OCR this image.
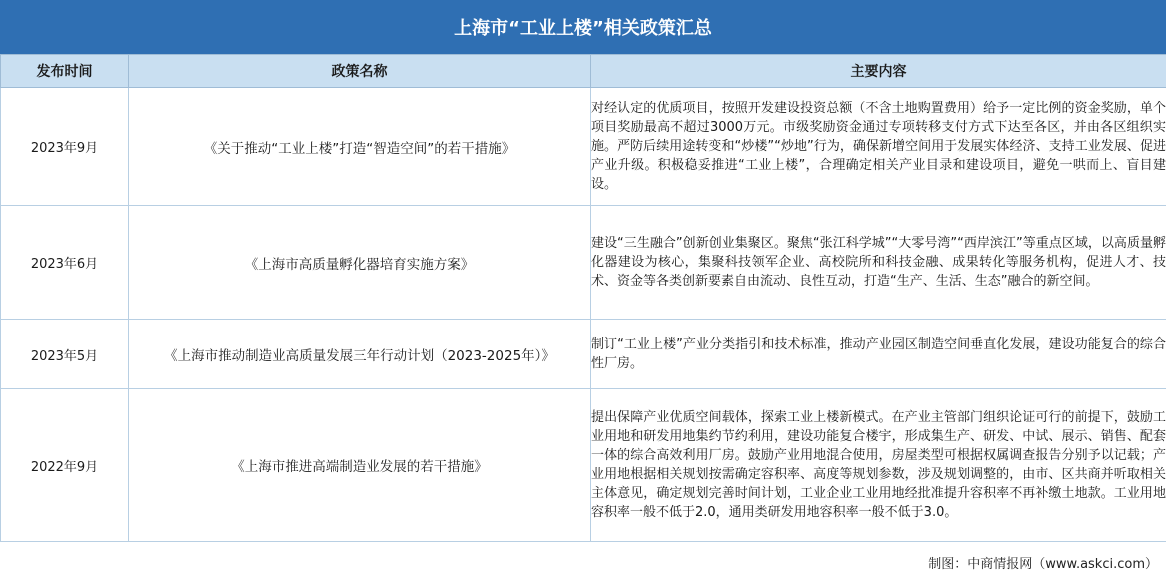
上海市“工业上楼”相关政策汇总
发布时间	政策名称	主要内容
2023年9月	《关于推动“工业上楼”打造“智造空间”的若干措施》	对经认定的优质项目，按照开发建设投资总额（不含土地购置费用）给予一定比例的资金奖励，单个项目奖励最高不超过3000万元。市级奖励资金通过专项转移支付方式下达至各区，并由各区组织实施。严防后续用途转变和“炒楼”“炒地”行为，确保新增空间用于发展实体经济、支持工业发展、促进产业升级。积极稳妥推进“工业上楼”，合理确定相关产业目录和建设项目，避免一哄而上、盲目建设。
2023年6月	《上海市高质量孵化器培育实施方案》	建设“三生融合”创新创业集聚区。聚焦“张江科学城”“大零号湾”“西岸滨江”等重点区域，以高质量孵化器建设为核心，集聚科技领军企业、高校院所和科技金融、成果转化等服务机构，促进人才、技术、资金等各类创新要素自由流动、良性互动，打造“生产、生活、生态”融合的新空间。
2023年5月	《上海市推动制造业高质量发展三年行动计划（2023-2025年）》	制订“工业上楼”产业分类指引和技术标准，推动产业园区制造空间垂直化发展，建设功能复合的综合性厂房。
2022年9月	《上海市推进高端制造业发展的若干措施》	提出保障产业优质空间载体，探索工业上楼新模式。在产业主管部门组织论证可行的前提下，鼓励工业用地和研发用地集约节约利用，建设功能复合楼宇，形成集生产、研发、中试、展示、销售、配套一体的综合高效利用厂房。鼓励产业用地混合使用，房屋类型可根据权属调查报告分别予以记载；产业用地根据相关规划按需确定容积率、高度等规划参数，涉及规划调整的，由市、区共商并听取相关主体意见，确定规划完善时间计划，工业企业工业用地经批准提升容积率不再补缴土地款。工业用地容积率一般不低于2.0，通用类研发用地容积率一般不低于3.0。
制图：中商情报网（www.askci.com）
